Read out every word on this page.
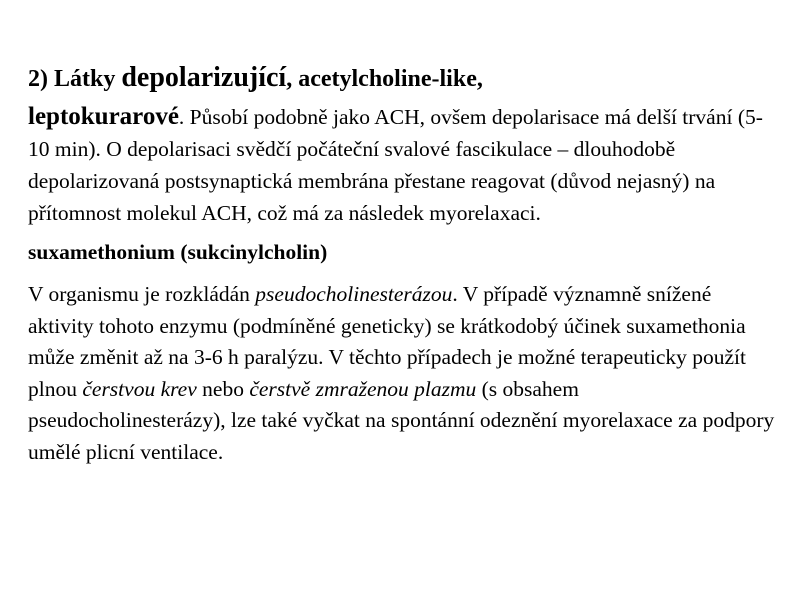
2) Látky depolarizující, acetylcholine-like,
leptokurarové. Působí podobně jako ACH, ovšem depolarisace má delší trvání (5-10 min). O depolarisaci svědčí počáteční svalové fascikulace – dlouhodobě depolarizovaná postsynaptická membrána přestane reagovat (důvod nejasný) na přítomnost molekul ACH, což má za následek myorelaxaci.

suxamethonium (sukcinylcholin)

V organismu je rozkládán pseudocholinesterázou. V případě významně snížené aktivity tohoto enzymu (podmíněné geneticky) se krátkodobý účinek suxamethonia může změnit až na 3-6 h paralýzu. V těchto případech je možné terapeuticky použít plnou čerstvou krev nebo čerstvě zmraženou plazmu (s obsahem pseudocholinesterázy), lze také vyčkat na spontánní odeznění myorelaxace za podpory umělé plicní ventilace.
